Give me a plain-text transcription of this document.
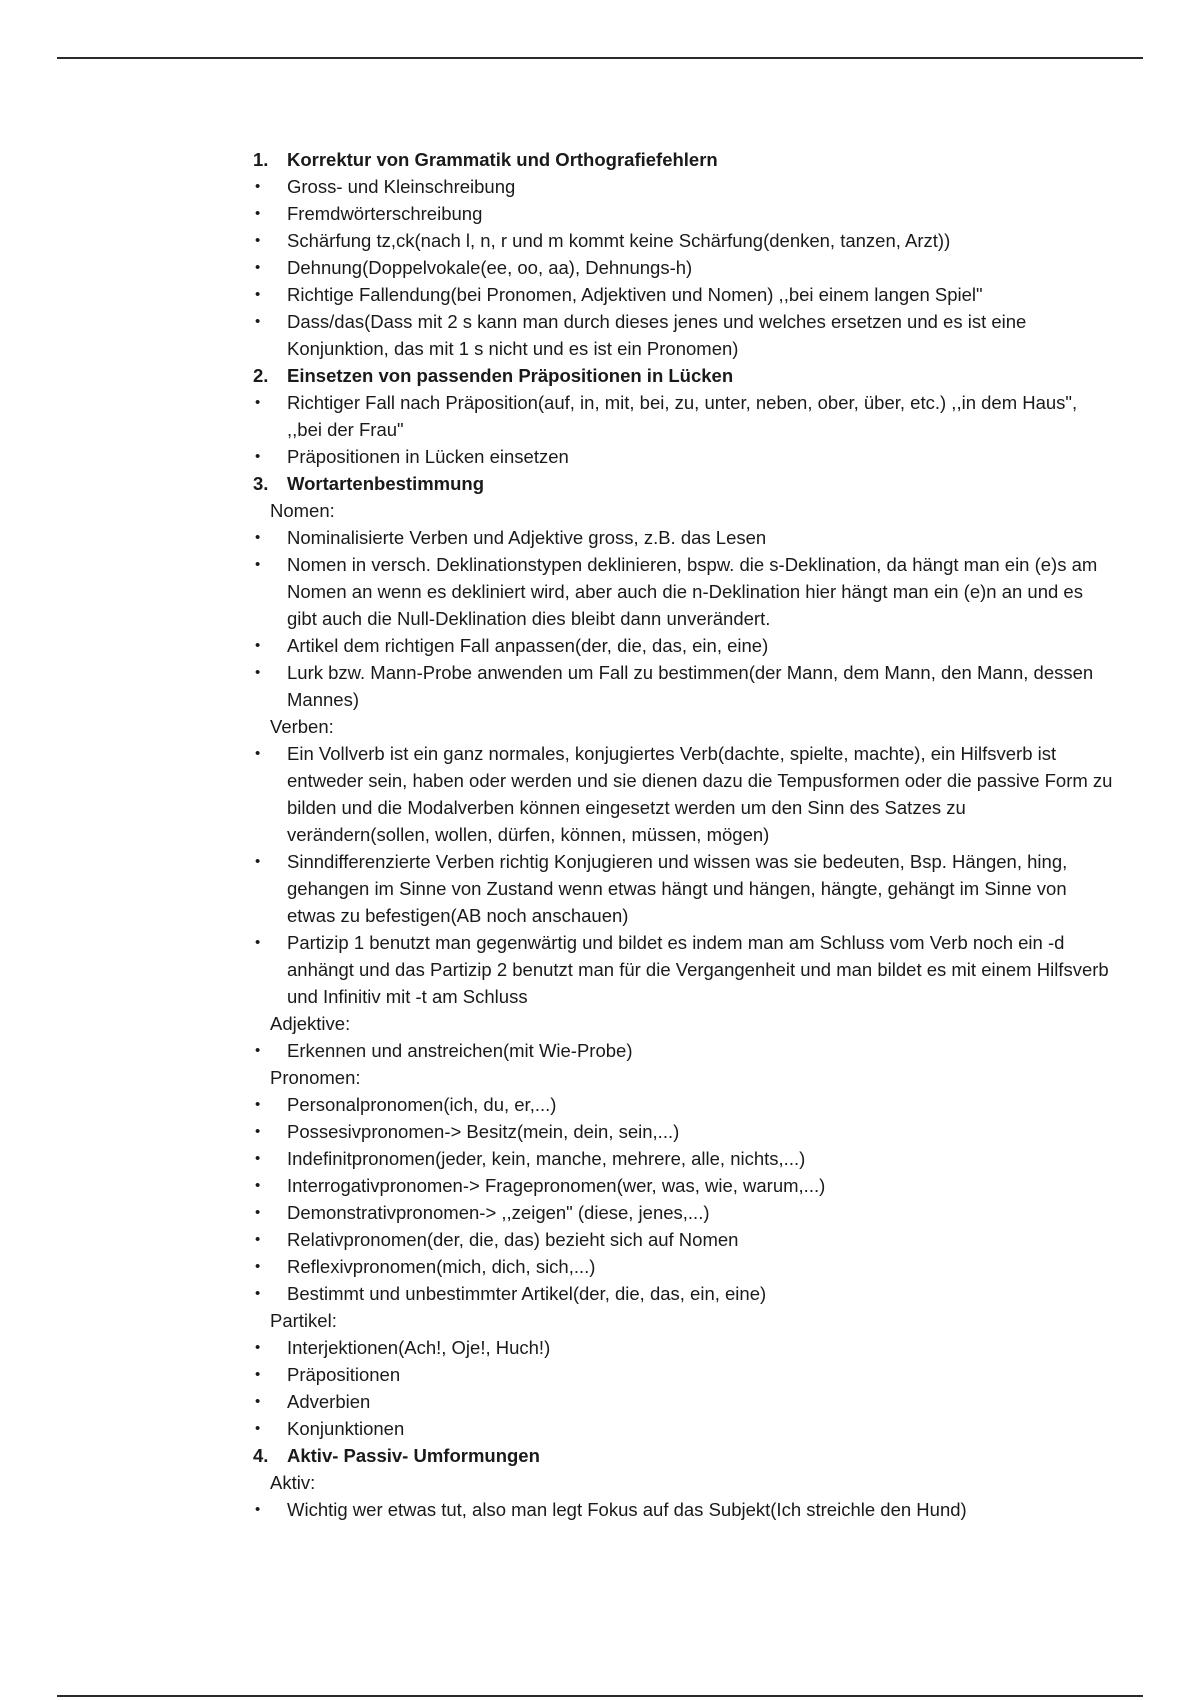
1.	Korrektur von Grammatik und Orthografiefehlern
•	Gross- und Kleinschreibung
•	Fremdwörterschreibung
•	Schärfung tz,ck(nach l, n, r und m kommt keine Schärfung(denken, tanzen, Arzt))
•	Dehnung(Doppelvokale(ee, oo, aa), Dehnungs-h)
•	Richtige Fallendung(bei Pronomen, Adjektiven und Nomen) ,,bei einem langen Spiel"
•	Dass/das(Dass mit 2 s kann man durch dieses jenes und welches ersetzen und es ist eine Konjunktion, das mit 1 s nicht und es ist ein Pronomen)
2.	Einsetzen von passenden Präpositionen in Lücken
•	Richtiger Fall nach Präposition(auf, in, mit, bei, zu, unter, neben, ober, über, etc.) ,,in dem Haus", ,,bei der Frau"
•	Präpositionen in Lücken einsetzen
3.	Wortartenbestimmung
Nomen:
•	Nominalisierte Verben und Adjektive gross, z.B. das Lesen
•	Nomen in versch. Deklinationstypen deklinieren, bspw. die s-Deklination, da hängt man ein (e)s am Nomen an wenn es dekliniert wird, aber auch die n-Deklination hier hängt man ein (e)n an und es gibt auch die Null-Deklination dies bleibt dann unverändert.
•	Artikel dem richtigen Fall anpassen(der, die, das, ein, eine)
•	Lurk bzw. Mann-Probe anwenden um Fall zu bestimmen(der Mann, dem Mann, den Mann, dessen Mannes)
Verben:
•	Ein Vollverb ist ein ganz normales, konjugiertes Verb(dachte, spielte, machte), ein Hilfsverb ist entweder sein, haben oder werden und sie dienen dazu die Tempusformen oder die passive Form zu bilden und die Modalverben können eingesetzt werden um den Sinn des Satzes zu verändern(sollen, wollen, dürfen, können, müssen, mögen)
•	Sinndifferenzierte Verben richtig Konjugieren und wissen was sie bedeuten, Bsp. Hängen, hing, gehangen im Sinne von Zustand wenn etwas hängt und hängen, hängte, gehängt im Sinne von etwas zu befestigen(AB noch anschauen)
•	Partizip 1 benutzt man gegenwärtig und bildet es indem man am Schluss vom Verb noch ein -d anhängt und das Partizip 2 benutzt man für die Vergangenheit und man bildet es mit einem Hilfsverb und Infinitiv mit -t am Schluss
Adjektive:
•	Erkennen und anstreichen(mit Wie-Probe)
Pronomen:
•	Personalpronomen(ich, du, er,...)
•	Possesivpronomen-> Besitz(mein, dein, sein,...)
•	Indefinitpronomen(jeder, kein, manche, mehrere, alle, nichts,...)
•	Interrogativpronomen-> Fragepronomen(wer, was, wie, warum,...)
•	Demonstrativpronomen-> ,,zeigen" (diese, jenes,...)
•	Relativpronomen(der, die, das) bezieht sich auf Nomen
•	Reflexivpronomen(mich, dich, sich,...)
•	Bestimmt und unbestimmter Artikel(der, die, das, ein, eine)
Partikel:
•	Interjektionen(Ach!, Oje!, Huch!)
•	Präpositionen
•	Adverbien
•	Konjunktionen
4.	Aktiv- Passiv- Umformungen
Aktiv:
•	Wichtig wer etwas tut, also man legt Fokus auf das Subjekt(Ich streichle den Hund)
